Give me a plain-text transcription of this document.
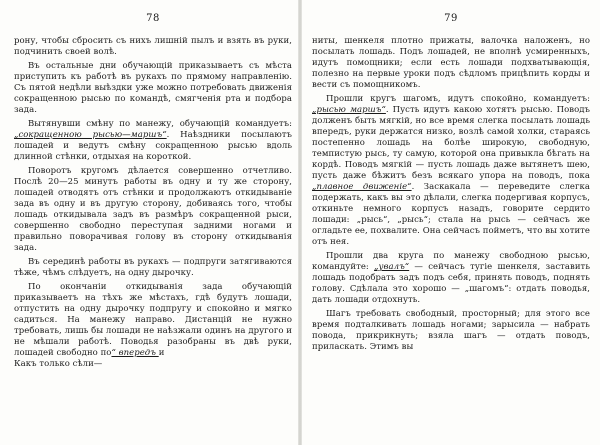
78

рону, чтобы сбросить съ нихъ лишній пылъ и взять въ руки, подчинить своей волѣ.

Въ остальные дни обучающій приказываетъ съ мѣста приступить къ работѣ въ рукахъ по прямому направленію. Съ пятой недѣли выѣздки уже можно потребовать движенія сокращенною рысью по командѣ, смягченія рта и подбора зада.

Вытянувши смѣну по манежу, обучающій командуетъ: „сокращенною рысью—маршъ“. Наѣздники посылаютъ лошадей и ведутъ смѣну сокращенною рысью вдоль длинной стѣнки, отдыхая на короткой.

Поворотъ кругомъ дѣлается совершенно отчетливо. Послѣ 20—25 минутъ работы въ одну и ту же сторону, лошадей отводятъ отъ стѣнки и продолжаютъ откидываніе зада въ одну и въ другую сторону, добиваясь того, чтобы лошадь откидывала задъ въ размѣръ сокращенной рыси, совершенно свободно переступая задними ногами и правильно поворачивая голову въ сторону откидыванія зада.

Въ серединѣ работы въ рукахъ — подпруги затягиваются тѣже, чѣмъ слѣдуетъ, на одну дырочку.

По окончаніи откидыванія зада обучающій приказываетъ на тѣхъ же мѣстахъ, гдѣ будутъ лошади, отпустить на одну дырочку подпругу и спокойно и мягко садиться. На манежу направо. Дистанцій не нужно требовать, лишь бы лошади не наѣзжали одинъ на другого и не мѣшали работѣ. Поводья разобраны въ двѣ руки, лошадей свободно по“ впередъ и

Какъ только сѣли—

79

ниты, шенкеля плотно прижаты, валочка наложенъ, но посылать лошадь. Подъ лошадей, не вполнѣ усмиренныхъ, идутъ помощники; если есть лошади подхватывающія, полезно на первые уроки подъ сѣдломъ прицѣпить корды и вести съ помощникомъ.

Прошли кругъ шагомъ, идутъ спокойно, командуетъ: „рысью маршъ“. Пусть идутъ какою хотятъ рысью. Поводъ долженъ быть мягкій, но все время слегка посылать лошадь впередъ, руки держатся низко, возлѣ самой холки, стараясь постепенно лошадь на болѣе широкую, свободную, темпистую рысь, ту самую, которой она привыкла бѣгать на кордѣ. Поводъ мягкій — пусть лошадь даже вытянетъ шею, пусть даже бѣжитъ безъ всякаго упора на поводъ, пока „плавное движеніе“. Заскакала — переведите слегка подержать, какъ вы это дѣлали, слегка подергивая корпусъ, откиньте немного корпусъ назадъ, говорите сердито лошади: „рысь“, „рысь“; стала на рысь — сейчасъ же огладьте ее, похвалите. Она сейчасъ пойметъ, что вы хотите отъ нея.

Прошли два круга по манежу свободною рысью, командуйте: „увалъ“ — сейчасъ тугіе шенкеля, заставить лошадь подобрать задъ подъ себя, принять поводъ, поднять голову. Сдѣлала это хорошо — „шагомъ“: отдать поводья, дать лошади отдохнуть.

Шагъ требовать свободный, просторный; для этого все время подталкивать лошадь ногами; зарысила — набрать повода, прикрикнуть; взяла шагъ — отдать поводъ, приласкать. Этимъ вы
